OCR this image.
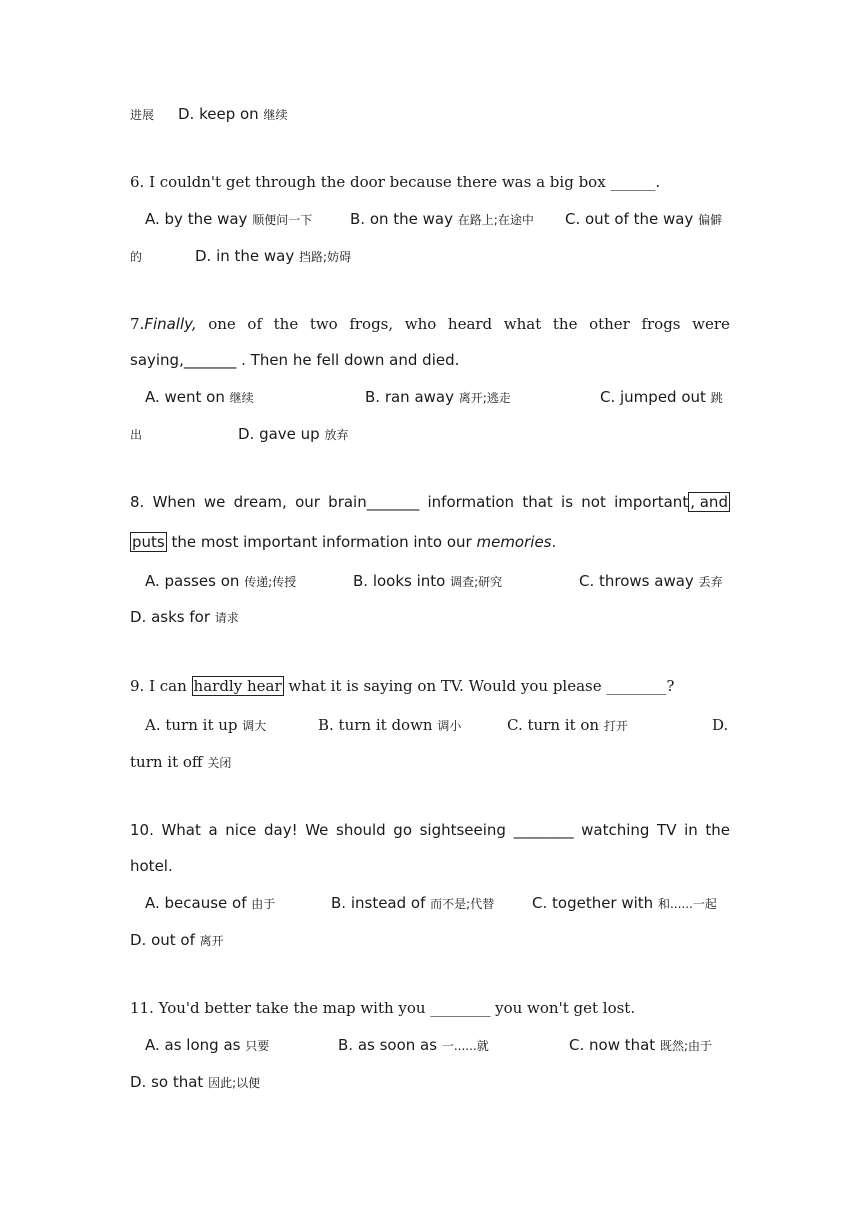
进展 D. keep on 继续
6. I couldn't get through the door because there was a big box ______.
A. by the way 顺便问一下	B. on the way 在路上;在途中 C. out of the way 偏僻
的	D. in the way 挡路;妨碍
7.Finally, one of the two frogs, who heard what the other frogs were
saying,_______ . Then he fell down and died.
A. went on 继续	B. ran away 离开;逃走	C. jumped out 跳
出	D. gave up 放弃
8. When we dream, our brain_______ information that is not important , and
puts the most important information into our memories.
A. passes on 传递;传授	B. looks into 调查;研究	C. throws away 丢弃
D. asks for 请求
9. I can hardly hear what it is saying on TV. Would you please ________?
A. turn it up 调大	B. turn it down 调小	C. turn it on 打开	D.
turn it off 关闭
10. What a nice day! We should go sightseeing ________ watching TV in the
hotel.
A. because of 由于	B. instead of 而不是;代替	C. together with 和......一起
D. out of 离开
11. You'd better take the map with you ________ you won't get lost.
A. as long as 只要	B. as soon as 一......就	C. now that 既然;由于
D. so that 因此;以便
